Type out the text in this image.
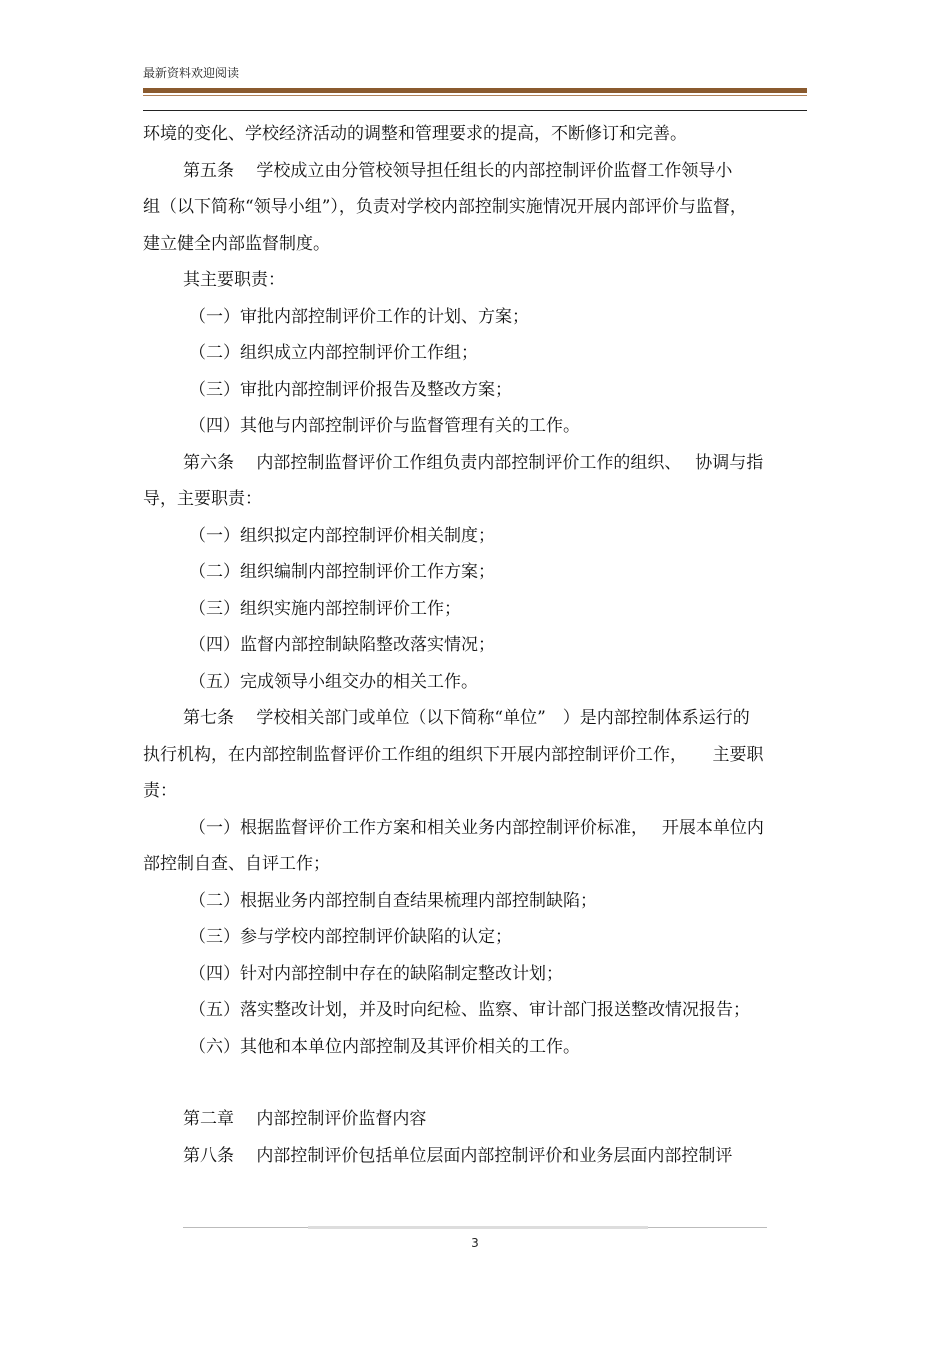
最新资料欢迎阅读

环境的变化、学校经济活动的调整和管理要求的提高，不断修订和完善。

第五条　 学校成立由分管校领导担任组长的内部控制评价监督工作领导小

组（以下简称“领导小组”），负责对学校内部控制实施情况开展内部评价与监督，

建立健全内部监督制度。

其主要职责：

（一）审批内部控制评价工作的计划、方案；

（二）组织成立内部控制评价工作组；

（三）审批内部控制评价报告及整改方案；

（四）其他与内部控制评价与监督管理有关的工作。

第六条　 内部控制监督评价工作组负责内部控制评价工作的组织、　 协调与指

导，主要职责：

（一）组织拟定内部控制评价相关制度；

（二）组织编制内部控制评价工作方案；

（三）组织实施内部控制评价工作；

（四）监督内部控制缺陷整改落实情况；

（五）完成领导小组交办的相关工作。

第七条　 学校相关部门或单位（以下简称“单位”　）是内部控制体系运行的

执行机构，在内部控制监督评价工作组的组织下开展内部控制评价工作，　　主要职

责：

（一）根据监督评价工作方案和相关业务内部控制评价标准，　 开展本单位内

部控制自查、自评工作；

（二）根据业务内部控制自查结果梳理内部控制缺陷；

（三）参与学校内部控制评价缺陷的认定；

（四）针对内部控制中存在的缺陷制定整改计划；

（五）落实整改计划，并及时向纪检、监察、审计部门报送整改情况报告；

（六）其他和本单位内部控制及其评价相关的工作。

第二章　 内部控制评价监督内容

第八条　 内部控制评价包括单位层面内部控制评价和业务层面内部控制评

3
